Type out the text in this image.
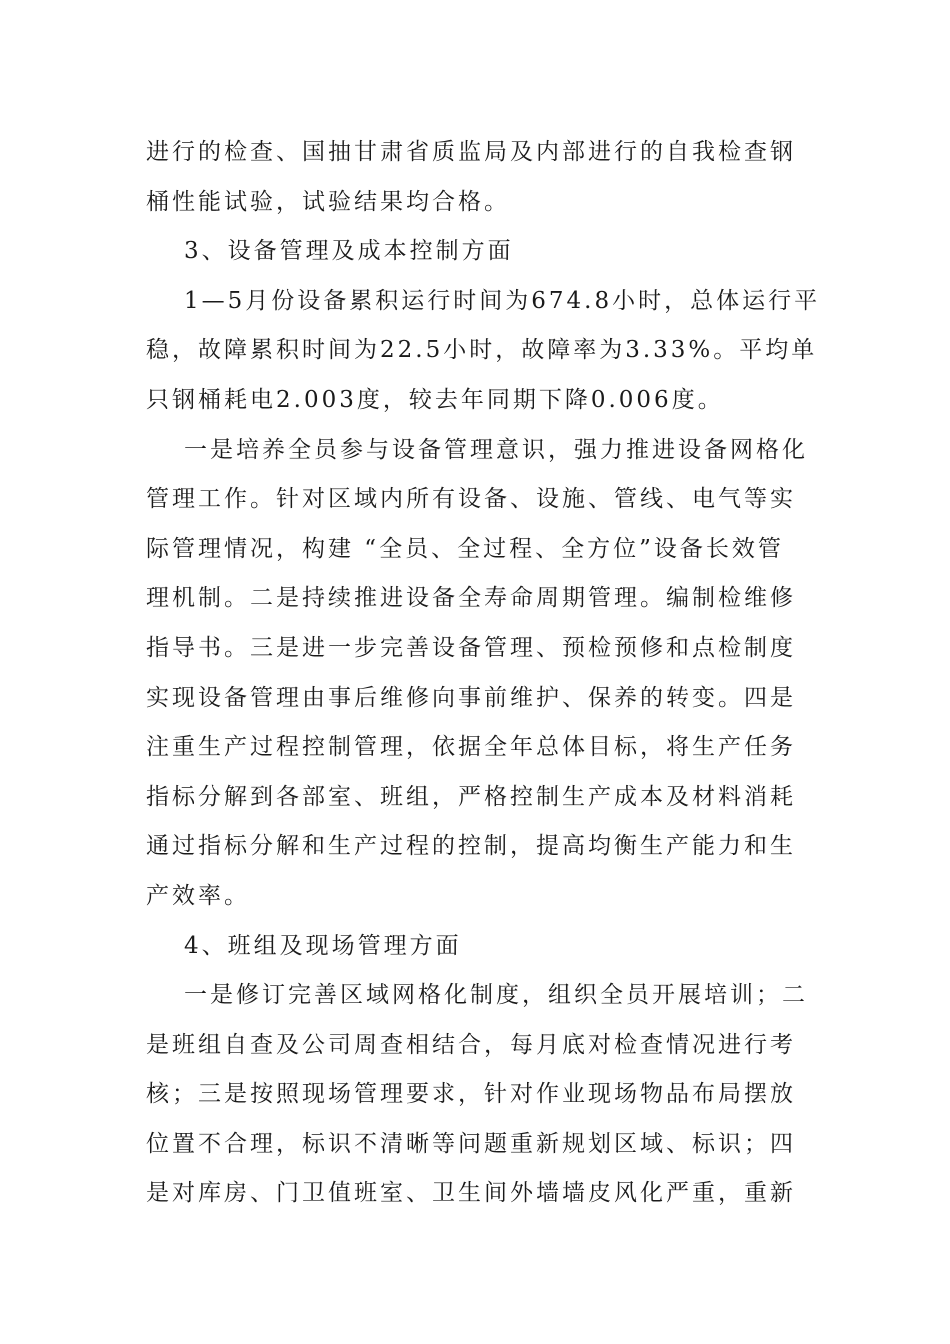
进行的检查、国抽甘肃省质监局及内部进行的自我检查钢
桶性能试验，试验结果均合格。
3、设备管理及成本控制方面
1—5月份设备累积运行时间为674.8小时，总体运行平
稳，故障累积时间为22.5小时，故障率为3.33%。平均单
只钢桶耗电2.003度，较去年同期下降0.006度。
一是培养全员参与设备管理意识，强力推进设备网格化
管理工作。针对区域内所有设备、设施、管线、电气等实
际管理情况，构建 “全员、全过程、全方位”设备长效管
理机制。二是持续推进设备全寿命周期管理。编制检维修
指导书。三是进一步完善设备管理、预检预修和点检制度
实现设备管理由事后维修向事前维护、保养的转变。四是
注重生产过程控制管理，依据全年总体目标，将生产任务
指标分解到各部室、班组，严格控制生产成本及材料消耗
通过指标分解和生产过程的控制，提高均衡生产能力和生
产效率。
4、班组及现场管理方面
一是修订完善区域网格化制度，组织全员开展培训；二
是班组自查及公司周查相结合，每月底对检查情况进行考
核；三是按照现场管理要求，针对作业现场物品布局摆放
位置不合理，标识不清晰等问题重新规划区域、标识；四
是对库房、门卫值班室、卫生间外墙墙皮风化严重，重新
